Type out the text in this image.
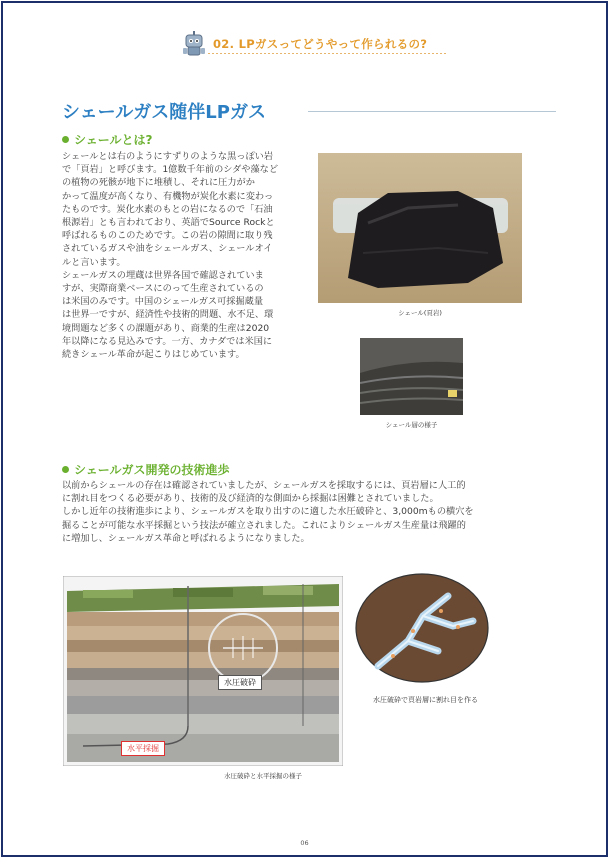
02. LPガスってどうやって作られるの?
シェールガス随伴LPガス
シェールとは?

シェールとは右のようにすずりのような黒っぽい岩

で「頁岩」と呼びます。1億数千年前のシダや藻など

の植物の死骸が地下に堆積し、それに圧力がか

かって温度が高くなり、有機物が炭化水素に変わっ

たものです。炭化水素のもとの岩になるので「石油

根源岩」とも言われており、英語でSource Rockと

呼ばれるものこのためです。この岩の隙間に取り残

されているガスや油をシェールガス、シェールオイ

ルと言います。

シェールガスの埋蔵は世界各国で確認されていま

すが、実際商業ベースにのって生産されているの

は米国のみです。中国のシェールガス可採掘蔵量

は世界一ですが、経済性や技術的問題、水不足、環

境問題など多くの課題があり、商業的生産は2020

年以降になる見込みです。一方、カナダでは米国に

続きシェール革命が起こりはじめています。

シェール(頁岩)
シェール層の様子
シェールガス開発の技術進歩

以前からシェールの存在は確認されていましたが、シェールガスを採取するには、頁岩層に人工的

に割れ目をつくる必要があり、技術的及び経済的な側面から採掘は困難とされていました。

しかし近年の技術進歩により、シェールガスを取り出すのに適した水圧破砕と、3,000mもの横穴を

掘ることが可能な水平採掘という技法が確立されました。これによりシェールガス生産量は飛躍的

に増加し、シェールガス革命と呼ばれるようになりました。

水圧破砕
水平採掘
水圧破砕と水平採掘の様子
水圧破砕で頁岩層に割れ目を作る
06
